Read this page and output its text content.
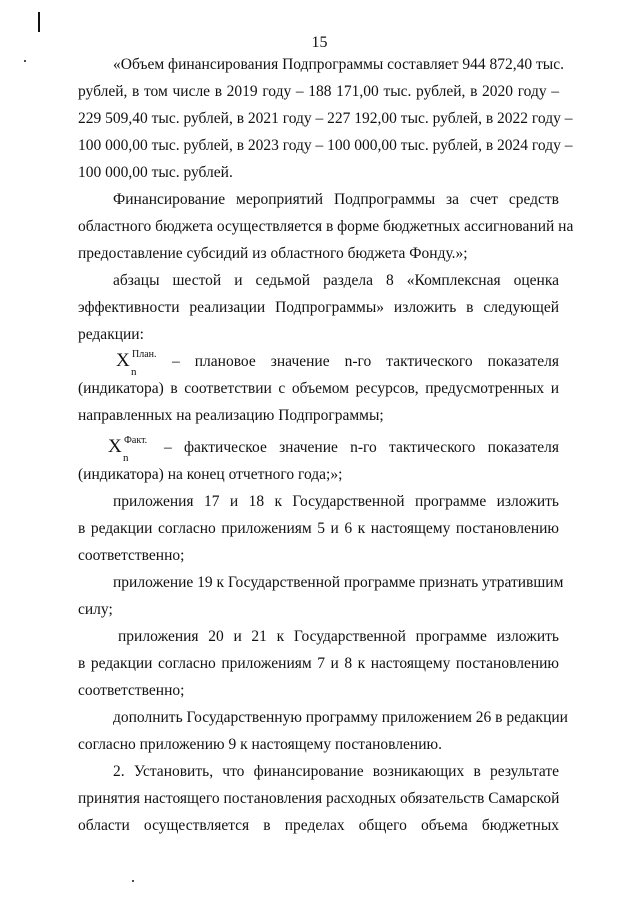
15
«Объем финансирования Подпрограммы составляет 944 872,40 тыс.
рублей, в том числе в 2019 году – 188 171,00 тыс. рублей, в 2020 году –
229 509,40 тыс. рублей, в 2021 году – 227 192,00 тыс. рублей, в 2022 году –
100 000,00 тыс. рублей, в 2023 году – 100 000,00 тыс. рублей, в 2024 году –
100 000,00 тыс. рублей.
Финансирование мероприятий Подпрограммы за счет средств
областного бюджета осуществляется в форме бюджетных ассигнований на
предоставление субсидий из областного бюджета Фонду.»;
абзацы шестой и седьмой раздела 8 «Комплексная оценка
эффективности реализации Подпрограммы» изложить в следующей
редакции:
X План.
n
– плановое значение n-го тактического показателя
(индикатора) в соответствии с объемом ресурсов, предусмотренных и
направленных на реализацию Подпрограммы;
X Факт.
n
– фактическое значение n-го тактического показателя
(индикатора) на конец отчетного года;»;
приложения 17 и 18 к Государственной программе изложить
в редакции согласно приложениям 5 и 6 к настоящему постановлению
соответственно;
приложение 19 к Государственной программе признать утратившим
силу;
приложения 20 и 21 к Государственной программе изложить
в редакции согласно приложениям 7 и 8 к настоящему постановлению
соответственно;
дополнить Государственную программу приложением 26 в редакции
согласно приложению 9 к настоящему постановлению.
2. Установить, что финансирование возникающих в результате
принятия настоящего постановления расходных обязательств Самарской
области осуществляется в пределах общего объема бюджетных
